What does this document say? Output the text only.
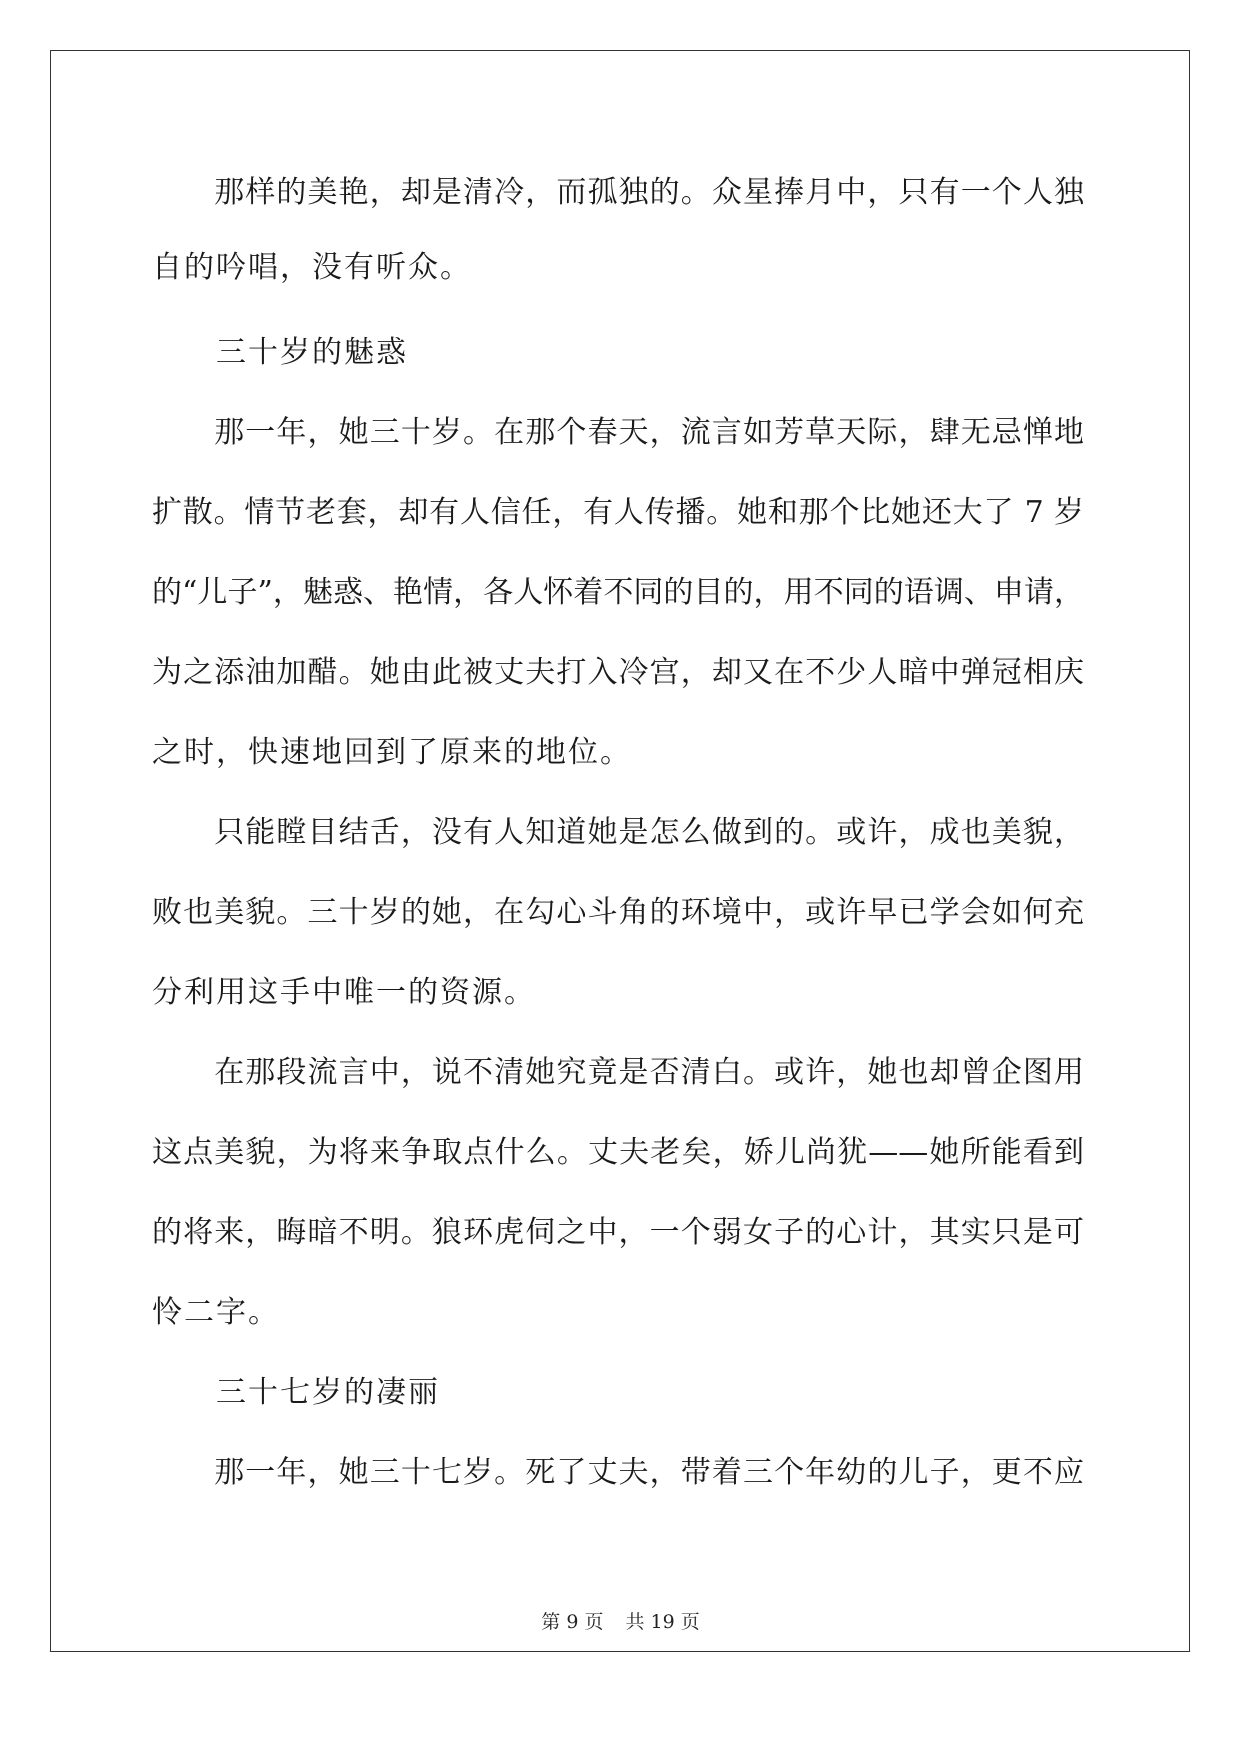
　　那样的美艳，却是清冷，而孤独的。众星捧月中，只有一个人独
自的吟唱，没有听众。
　　三十岁的魅惑
　　那一年，她三十岁。在那个春天，流言如芳草天际，肆无忌惮地
扩散。情节老套，却有人信任，有人传播。她和那个比她还大了 7 岁
的“儿子”，魅惑、艳情，各人怀着不同的目的，用不同的语调、申请，
为之添油加醋。她由此被丈夫打入冷宫，却又在不少人暗中弹冠相庆
之时，快速地回到了原来的地位。
　　只能瞠目结舌，没有人知道她是怎么做到的。或许，成也美貌，
败也美貌。三十岁的她，在勾心斗角的环境中，或许早已学会如何充
分利用这手中唯一的资源。
　　在那段流言中，说不清她究竟是否清白。或许，她也却曾企图用
这点美貌，为将来争取点什么。丈夫老矣，娇儿尚犹——她所能看到
的将来，晦暗不明。狼环虎伺之中，一个弱女子的心计，其实只是可
怜二字。
　　三十七岁的凄丽
　　那一年，她三十七岁。死了丈夫，带着三个年幼的儿子，更不应
第 9 页 共 19 页
